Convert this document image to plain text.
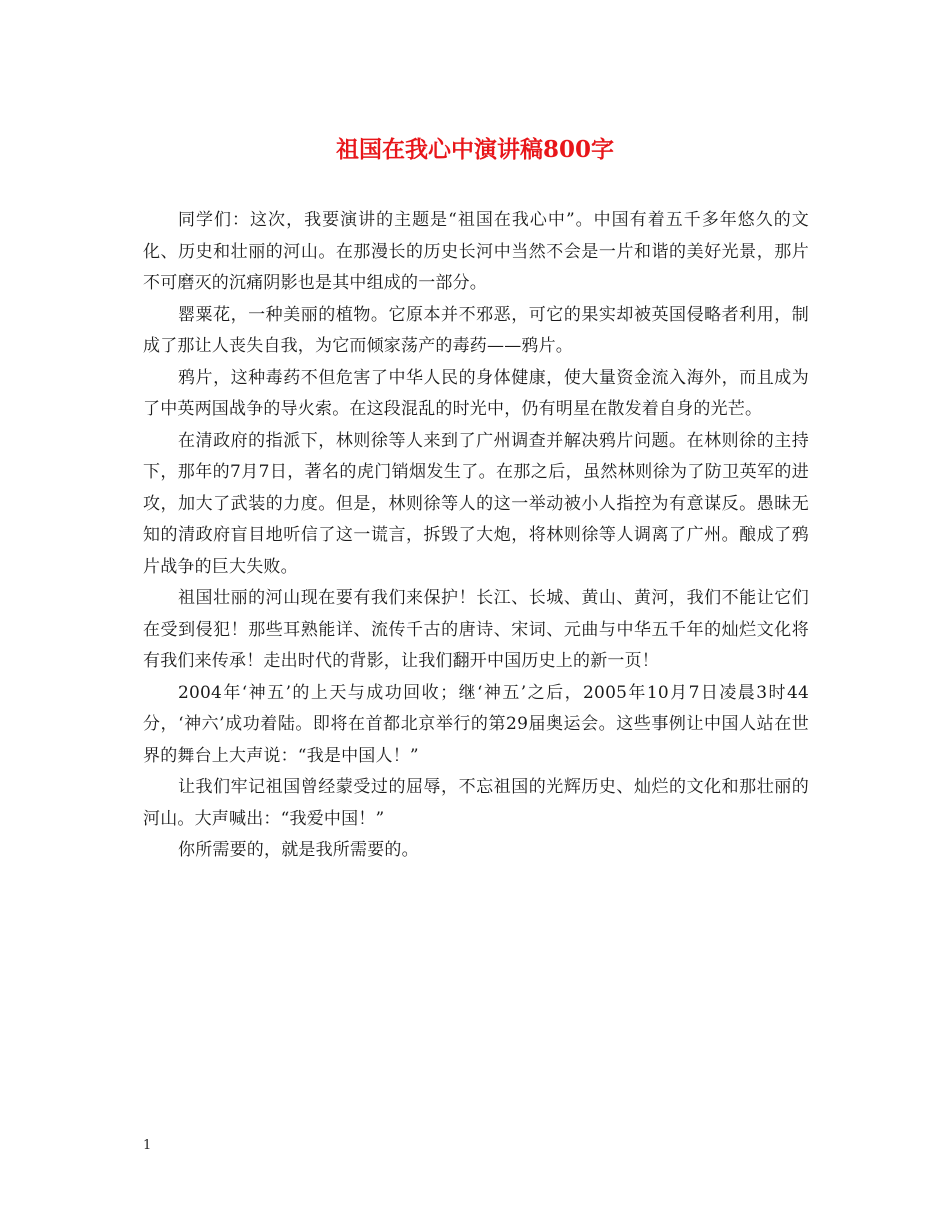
祖国在我心中演讲稿800字

同学们：这次，我要演讲的主题是“祖国在我心中”。中国有着五千多年悠久的文化、历史和壮丽的河山。在那漫长的历史长河中当然不会是一片和谐的美好光景，那片不可磨灭的沉痛阴影也是其中组成的一部分。

罂粟花，一种美丽的植物。它原本并不邪恶，可它的果实却被英国侵略者利用，制成了那让人丧失自我，为它而倾家荡产的毒药——鸦片。

鸦片，这种毒药不但危害了中华人民的身体健康，使大量资金流入海外，而且成为了中英两国战争的导火索。在这段混乱的时光中，仍有明星在散发着自身的光芒。

在清政府的指派下，林则徐等人来到了广州调查并解决鸦片问题。在林则徐的主持下，那年的7月7日，著名的虎门销烟发生了。在那之后，虽然林则徐为了防卫英军的进攻，加大了武装的力度。但是，林则徐等人的这一举动被小人指控为有意谋反。愚昧无知的清政府盲目地听信了这一谎言，拆毁了大炮，将林则徐等人调离了广州。酿成了鸦片战争的巨大失败。

祖国壮丽的河山现在要有我们来保护！长江、长城、黄山、黄河，我们不能让它们在受到侵犯！那些耳熟能详、流传千古的唐诗、宋词、元曲与中华五千年的灿烂文化将有我们来传承！走出时代的背影，让我们翻开中国历史上的新一页！

2004年‘神五’的上天与成功回收；继‘神五’之后，2005年10月7日凌晨3时44分，‘神六’成功着陆。即将在首都北京举行的第29届奥运会。这些事例让中国人站在世界的舞台上大声说：“我是中国人！”

让我们牢记祖国曾经蒙受过的屈辱，不忘祖国的光辉历史、灿烂的文化和那壮丽的河山。大声喊出：“我爱中国！”

你所需要的，就是我所需要的。

1
